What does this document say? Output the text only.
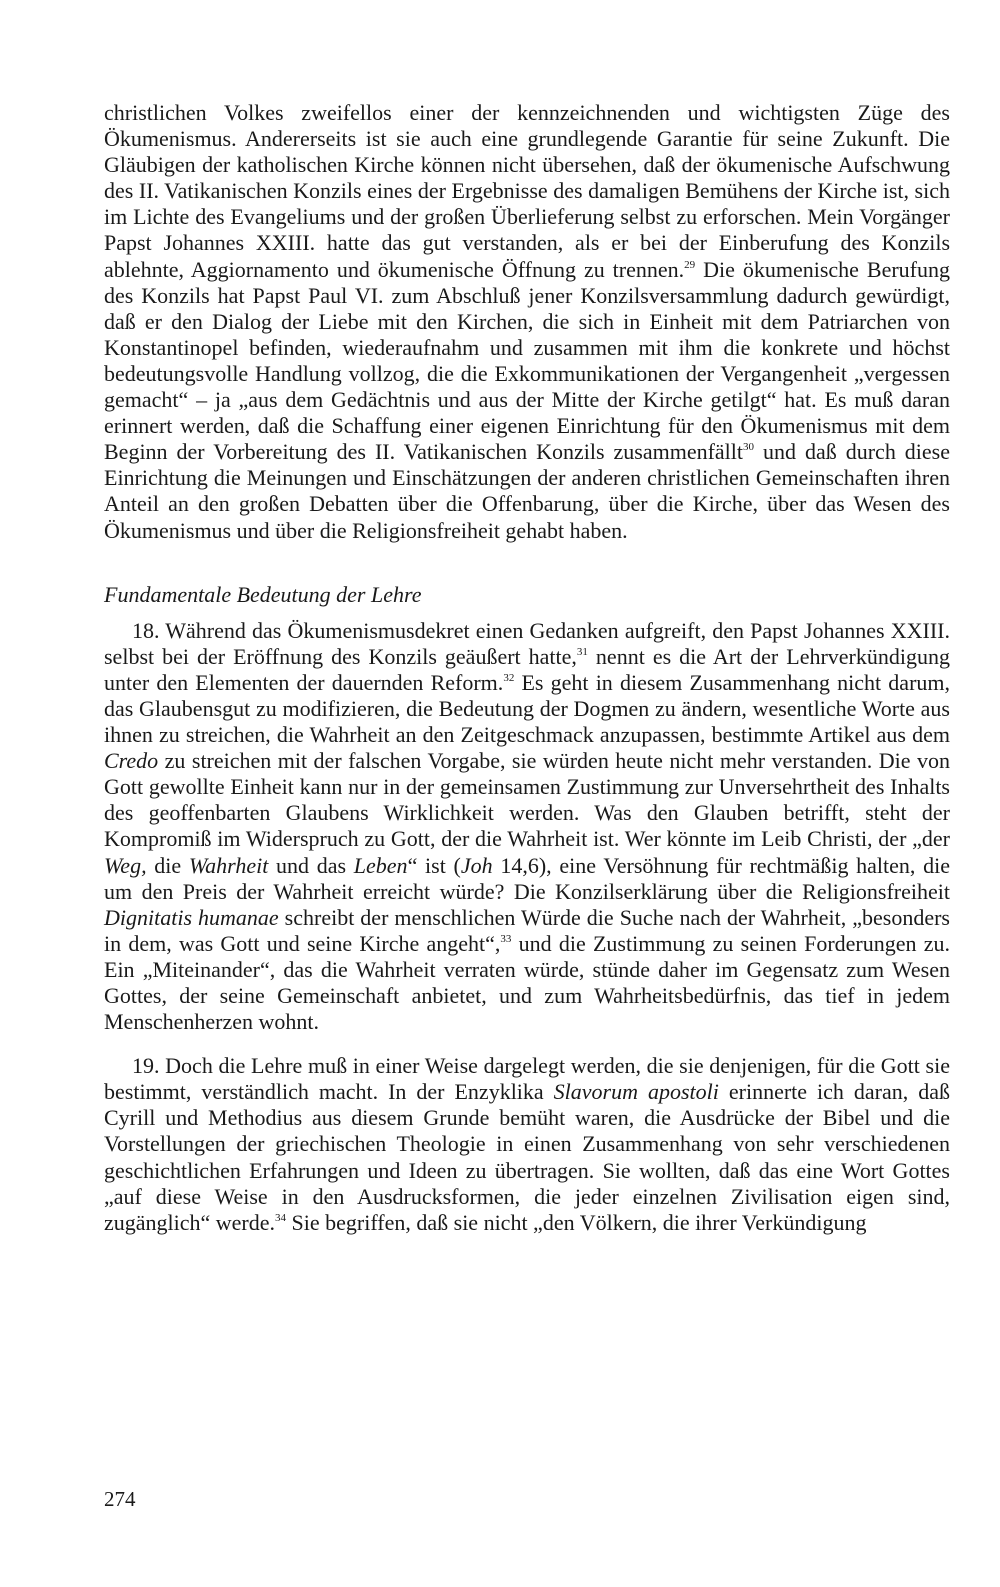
christlichen Volkes zweifellos einer der kennzeichnenden und wichtigsten Züge des Ökumenismus. Andererseits ist sie auch eine grundlegende Garantie für seine Zukunft. Die Gläubigen der katholischen Kirche können nicht übersehen, daß der ökumenische Aufschwung des II. Vatikanischen Konzils eines der Ergebnisse des damaligen Bemühens der Kirche ist, sich im Lichte des Evangeliums und der großen Überlieferung selbst zu erforschen. Mein Vorgänger Papst Johannes XXIII. hatte das gut verstanden, als er bei der Einberufung des Konzils ablehnte, Aggiornamento und ökumenische Öffnung zu trennen.$^{29}$ Die ökumenische Berufung des Konzils hat Papst Paul VI. zum Abschluß jener Konzilsversammlung dadurch gewürdigt, daß er den Dialog der Liebe mit den Kirchen, die sich in Einheit mit dem Patriarchen von Konstantinopel befinden, wiederaufnahm und zusammen mit ihm die konkrete und höchst bedeutungsvolle Handlung vollzog, die die Exkommunikationen der Vergangenheit „vergessen gemacht“ – ja „aus dem Gedächtnis und aus der Mitte der Kirche getilgt“ hat. Es muß daran erinnert werden, daß die Schaffung einer eigenen Einrichtung für den Ökumenismus mit dem Beginn der Vorbereitung des II. Vatikanischen Konzils zusammenfällt$^{30}$ und daß durch diese Einrichtung die Meinungen und Einschätzungen der anderen christlichen Gemeinschaften ihren Anteil an den großen Debatten über die Offenbarung, über die Kirche, über das Wesen des Ökumenismus und über die Religionsfreiheit gehabt haben.

Fundamentale Bedeutung der Lehre

18. Während das Ökumenismusdekret einen Gedanken aufgreift, den Papst Johannes XXIII. selbst bei der Eröffnung des Konzils geäußert hatte,$^{31}$ nennt es die Art der Lehrverkündigung unter den Elementen der dauernden Reform.$^{32}$ Es geht in diesem Zusammenhang nicht darum, das Glaubensgut zu modifizieren, die Bedeutung der Dogmen zu ändern, wesentliche Worte aus ihnen zu streichen, die Wahrheit an den Zeitgeschmack anzupassen, bestimmte Artikel aus dem Credo zu streichen mit der falschen Vorgabe, sie würden heute nicht mehr verstanden. Die von Gott gewollte Einheit kann nur in der gemeinsamen Zustimmung zur Unversehrtheit des Inhalts des geoffenbarten Glaubens Wirklichkeit werden. Was den Glauben betrifft, steht der Kompromiß im Widerspruch zu Gott, der die Wahrheit ist. Wer könnte im Leib Christi, der „der Weg, die Wahrheit und das Leben“ ist (Joh 14,6), eine Versöhnung für rechtmäßig halten, die um den Preis der Wahrheit erreicht würde? Die Konzilserklärung über die Religionsfreiheit Dignitatis humanae schreibt der menschlichen Würde die Suche nach der Wahrheit, „besonders in dem, was Gott und seine Kirche angeht“,$^{33}$ und die Zustimmung zu seinen Forderungen zu. Ein „Miteinander“, das die Wahrheit verraten würde, stünde daher im Gegensatz zum Wesen Gottes, der seine Gemeinschaft anbietet, und zum Wahrheitsbedürfnis, das tief in jedem Menschenherzen wohnt.

19. Doch die Lehre muß in einer Weise dargelegt werden, die sie denjenigen, für die Gott sie bestimmt, verständlich macht. In der Enzyklika Slavorum apostoli erinnerte ich daran, daß Cyrill und Methodius aus diesem Grunde bemüht waren, die Ausdrücke der Bibel und die Vorstellungen der griechischen Theologie in einen Zusammenhang von sehr verschiedenen geschichtlichen Erfahrungen und Ideen zu übertragen. Sie wollten, daß das eine Wort Gottes „auf diese Weise in den Ausdrucksformen, die jeder einzelnen Zivilisation eigen sind, zugänglich“ werde.$^{34}$ Sie begriffen, daß sie nicht „den Völkern, die ihrer Verkündigung

274
